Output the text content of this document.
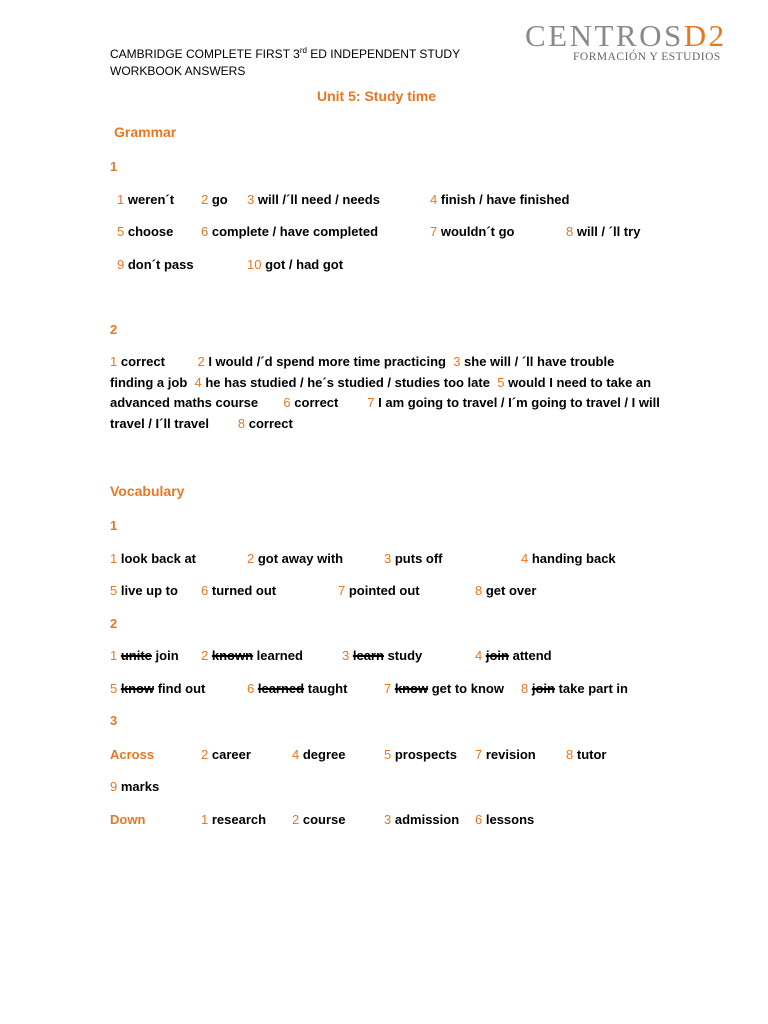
CAMBRIDGE COMPLETE FIRST 3rd ED INDEPENDENT STUDY
WORKBOOK ANSWERS
CENTROSD2
FORMACIÓN Y ESTUDIOS
Unit 5: Study time
Grammar
1
1 weren´t 2 go 3 will /´ll need / needs	4 finish / have finished
5 choose 6 complete / have completed	7 wouldn´t go	8 will / ´ll try
9 don´t pass	10 got / had got
2
1 correct	2 I would /´d spend more time practicing 3 she will / ´ll have trouble finding a job 4 he has studied / he´s studied / studies too late 5 would I need to take an advanced maths course 6 correct 7 I am going to travel / I´m going to travel / I will travel / I´ll travel 8 correct
Vocabulary
1
1 look back at	2 got away with	3 puts off	4 handing back
5 live up to 6 turned out	7 pointed out	8 get over
2
1 unite join 2 known learned	3 learn study	4 join attend
5 know find out	6 learned taught	7 know get to know 8 join take part in
3
Across	2 career	4 degree	5 prospects 7 revision 8 tutor
9 marks
Down	1 research 2 course	3 admission 6 lessons
